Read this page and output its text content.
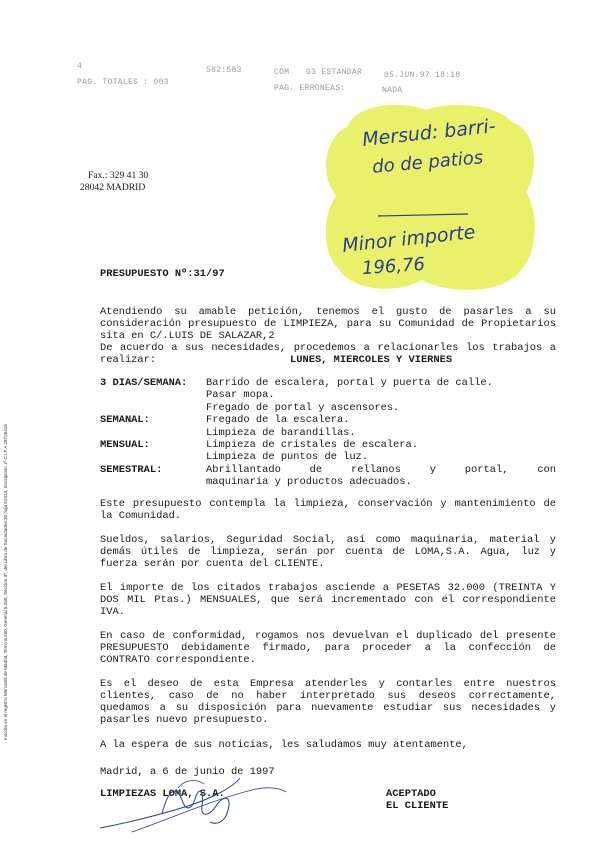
4	562:583	COM G3 ESTANDAR	05.JUN.97 18:18
PAG. TOTALES : 003
PAG. ERRONEAS:	NADA
Fax.: 329 41 30
28042 MADRID
Mersud: barri-
do de patios
Minor importe
196,76
PRESUPUESTO Nº:31/97
Atendiendo su amable petición, tenemos el gusto de pasarles a su consideración presupuesto de LIMPIEZA, para su Comunidad de Propietarios sita en C/.LUIS DE SALAZAR,2
De acuerdo a sus necesidades, procedemos a relacionarles los trabajos a realizar:	LUNES, MIERCOLES Y VIERNES
3 DIAS/SEMANA:	Barrido de escalera, portal y puerta de calle.
Pasar mopa.
Fregado de portal y ascensores.
SEMANAL:	Fregado de la escalera.
Limpieza de barandillas.
MENSUAL:	Limpieza de cristales de escalera.
Limpieza de puntos de luz.
SEMESTRAL:	Abrillantado de rellanos y portal, con
maquinaria y productos adecuados.
Este presupuesto contempla la limpieza, conservación y mantenimiento de la Comunidad.
Sueldos, salarios, Seguridad Social, así como maquinaria, material y demás útiles de limpieza, serán por cuenta de LOMA,S.A. Agua, luz y fuerza serán por cuenta del CLIENTE.
El importe de los citados trabajos asciende a PESETAS 32.000 (TREINTA Y DOS MIL Ptas.) MENSUALES, que será incrementado con el correspondiente IVA.
En caso de conformidad, rogamos nos devuelvan el duplicado del presente PRESUPUESTO debidamente firmado, para proceder a la confección de CONTRATO correspondiente.
Es el deseo de esta Empresa atenderles y contarles entre nuestros clientes, caso de no haber interpretado sus deseos correctamente, quedamos a su disposición para nuevamente estudiar sus necesidades y pasarles nuevo presupuesto.
A la espera de sus noticias, les saludamos muy atentamente,
Madrid, a 6 de junio de 1997
LIMPIEZAS LOMA, S.A.	ACEPTADO
EL CLIENTE
Inscrita en el registro Mercantil de Madrid, Tomo 6.250, General 5.260, Sección 3ª, del Libro de Sociedades 30 hoja 52323, Inscripción 1ª C.I.F A 28726415
